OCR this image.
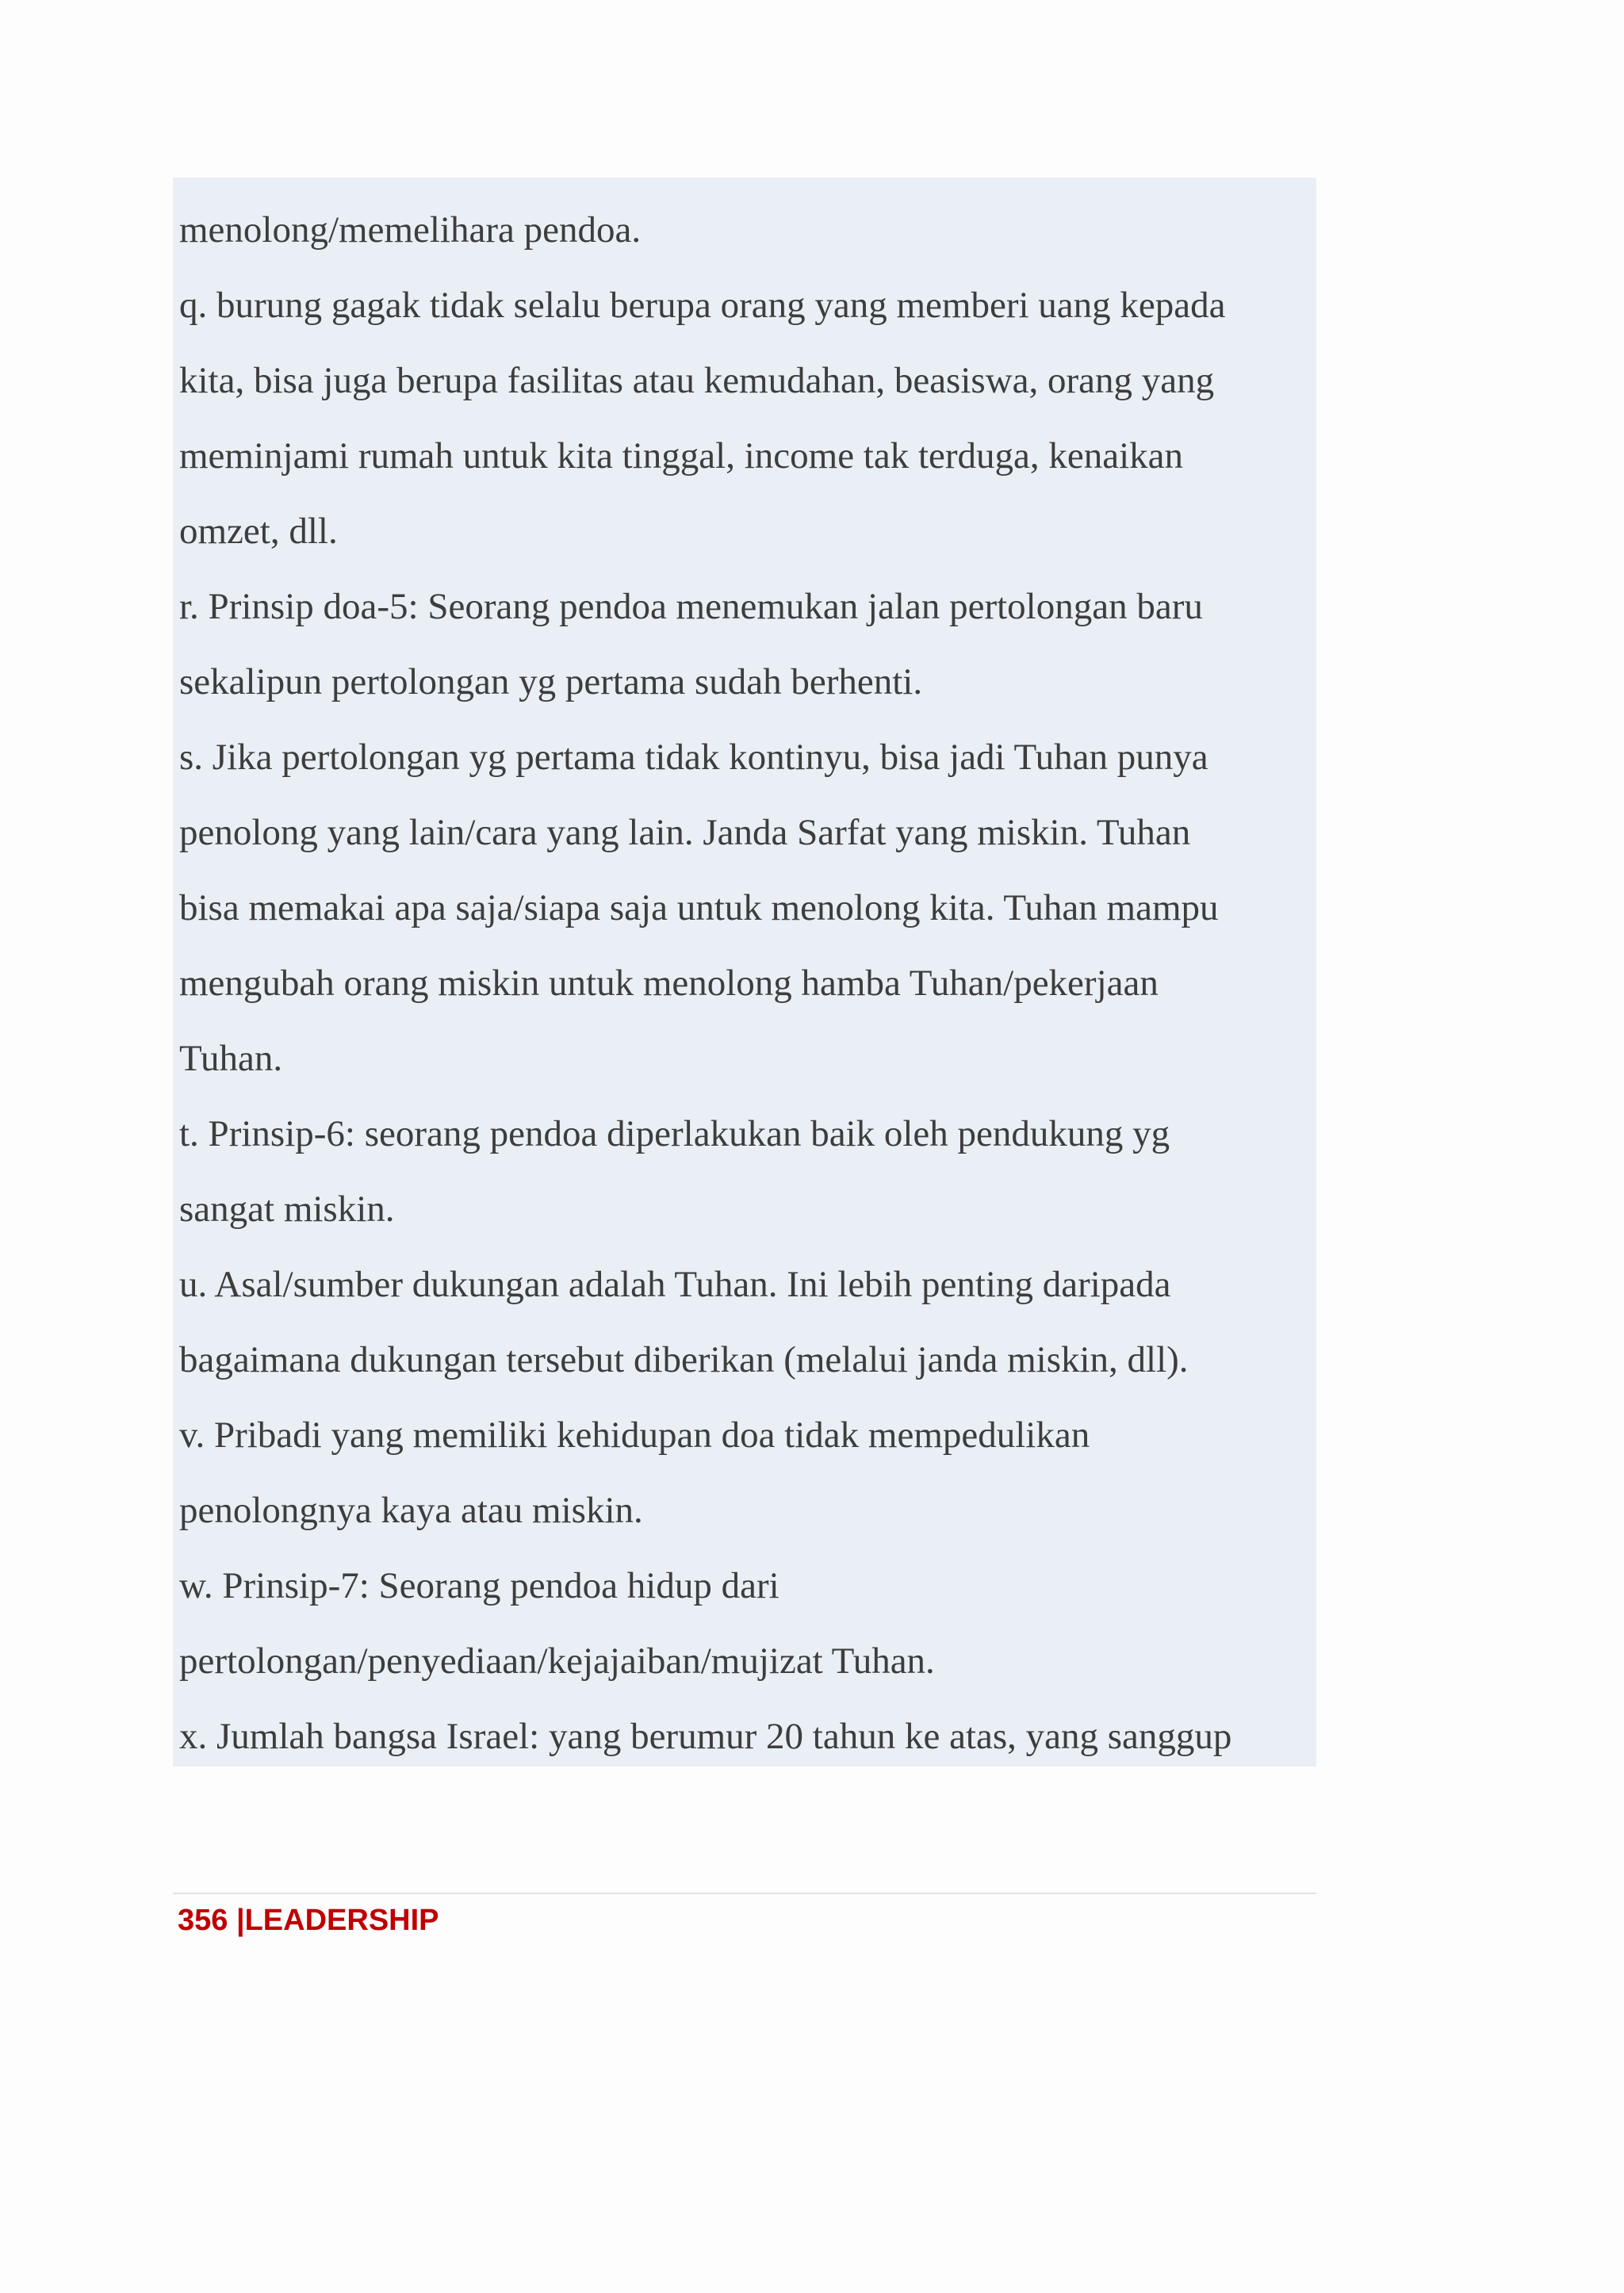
menolong/memelihara pendoa.

q. burung gagak tidak selalu berupa orang yang memberi uang kepada

kita, bisa juga berupa fasilitas atau kemudahan, beasiswa, orang yang

meminjami rumah untuk kita tinggal, income tak terduga, kenaikan

omzet, dll.

r. Prinsip doa-5: Seorang pendoa menemukan jalan pertolongan baru

sekalipun pertolongan yg pertama sudah berhenti.

s. Jika pertolongan yg pertama tidak kontinyu, bisa jadi Tuhan punya

penolong yang lain/cara yang lain. Janda Sarfat yang miskin. Tuhan

bisa memakai apa saja/siapa saja untuk menolong kita. Tuhan mampu

mengubah orang miskin untuk menolong hamba Tuhan/pekerjaan

Tuhan.

t. Prinsip-6: seorang pendoa diperlakukan baik oleh pendukung yg

sangat miskin.

u. Asal/sumber dukungan adalah Tuhan. Ini lebih penting daripada

bagaimana dukungan tersebut diberikan (melalui janda miskin, dll).

v. Pribadi yang memiliki kehidupan doa tidak mempedulikan

penolongnya kaya atau miskin.

w. Prinsip-7: Seorang pendoa hidup dari

pertolongan/penyediaan/kejajaiban/mujizat Tuhan.

x. Jumlah bangsa Israel: yang berumur 20 tahun ke atas, yang sanggup

356 |LEADERSHIP
